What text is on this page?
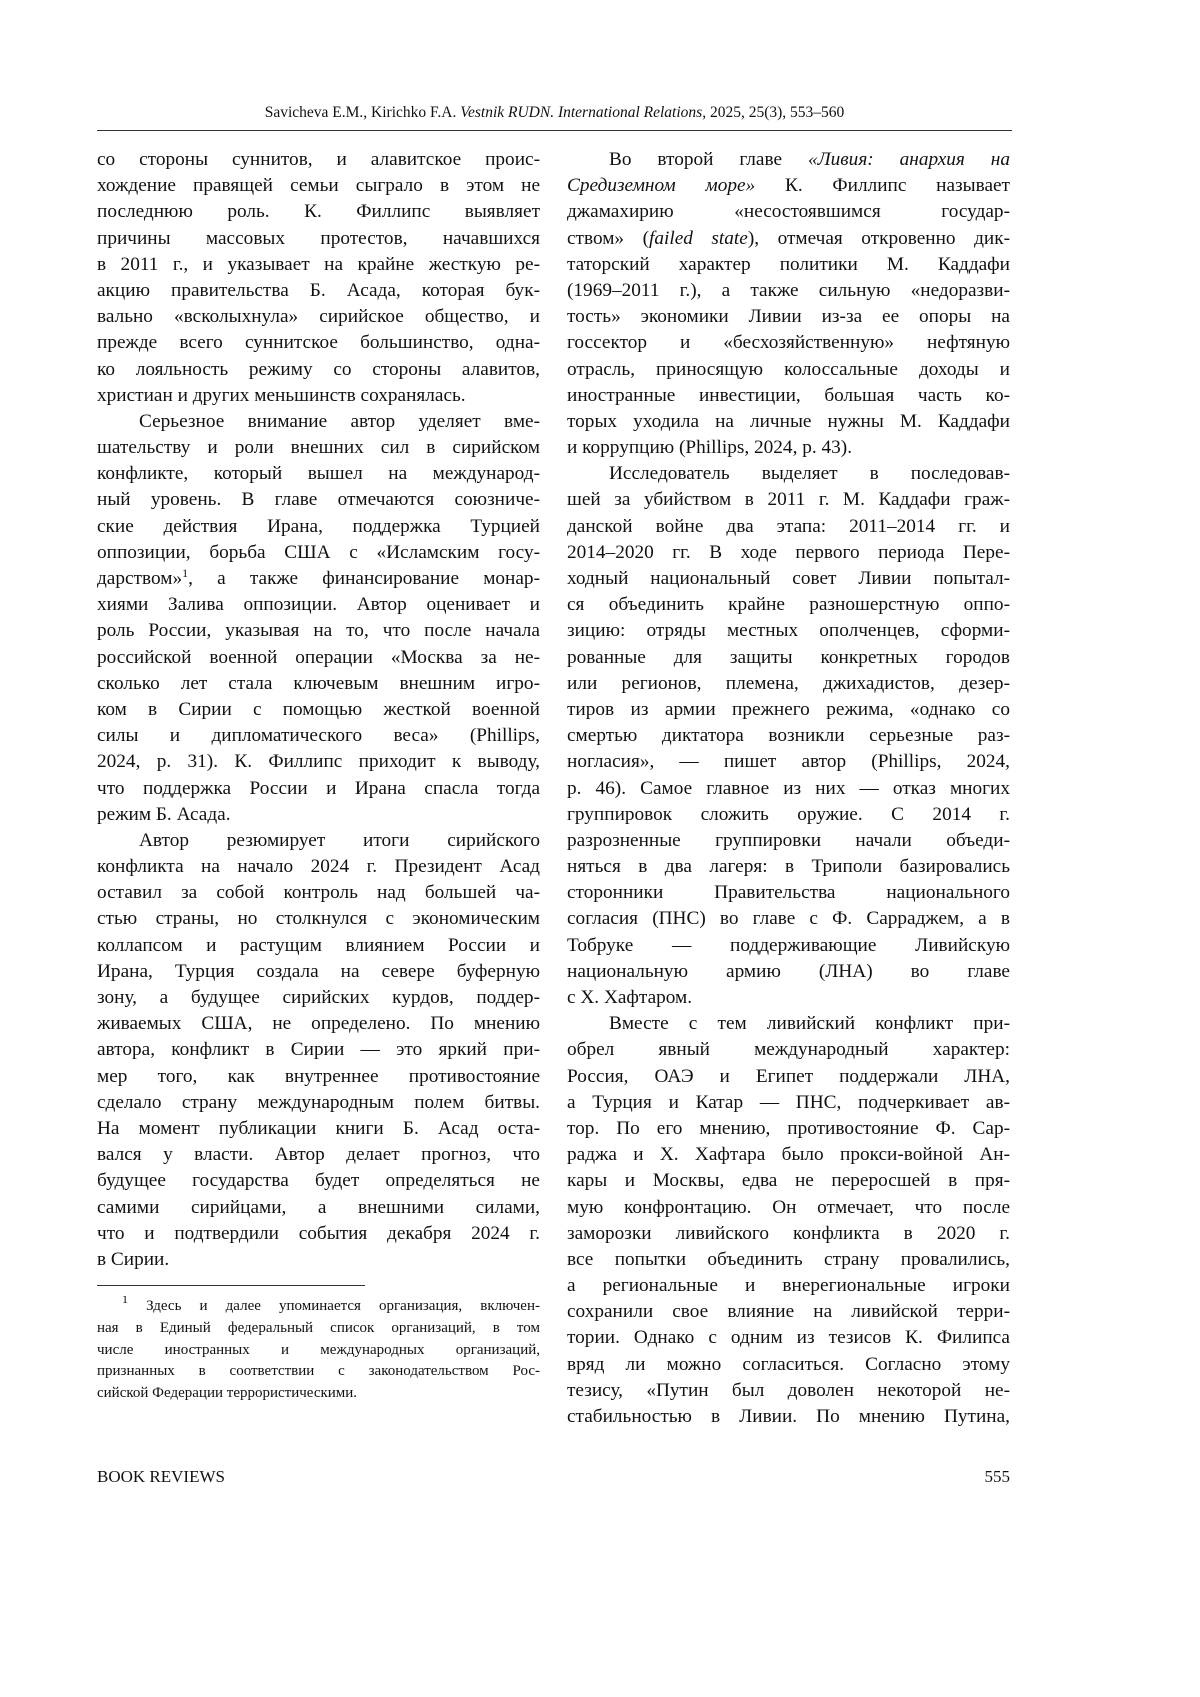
Savicheva E.M., Kirichko F.A. Vestnik RUDN. International Relations, 2025, 25(3), 553–560
со стороны суннитов, и алавитское проис-
хождение правящей семьи сыграло в этом не
последнюю роль. К. Филлипс выявляет
причины массовых протестов, начавшихся
в 2011 г., и указывает на крайне жесткую ре-
акцию правительства Б. Асада, которая бук-
вально «всколыхнула» сирийское общество, и
прежде всего суннитское большинство, одна-
ко лояльность режиму со стороны алавитов,
христиан и других меньшинств сохранялась.
Серьезное внимание автор уделяет вме-
шательству и роли внешних сил в сирийском
конфликте, который вышел на международ-
ный уровень. В главе отмечаются союзниче-
ские действия Ирана, поддержка Турцией
оппозиции, борьба США с «Исламским госу-
дарством»1, а также финансирование монар-
хиями Залива оппозиции. Автор оценивает и
роль России, указывая на то, что после начала
российской военной операции «Москва за не-
сколько лет стала ключевым внешним игро-
ком в Сирии с помощью жесткой военной
силы и дипломатического веса» (Phillips,
2024, p. 31). К. Филлипс приходит к выводу,
что поддержка России и Ирана спасла тогда
режим Б. Асада.
Автор резюмирует итоги сирийского
конфликта на начало 2024 г. Президент Асад
оставил за собой контроль над большей ча-
стью страны, но столкнулся с экономическим
коллапсом и растущим влиянием России и
Ирана, Турция создала на севере буферную
зону, а будущее сирийских курдов, поддер-
живаемых США, не определено. По мнению
автора, конфликт в Сирии — это яркий при-
мер того, как внутреннее противостояние
сделало страну международным полем битвы.
На момент публикации книги Б. Асад оста-
вался у власти. Автор делает прогноз, что
будущее государства будет определяться не
самими сирийцами, а внешними силами,
что и подтвердили события декабря 2024 г.
в Сирии.
Во второй главе «Ливия: анархия на
Средиземном море» К. Филлипс называет
джамахирию «несостоявшимся государ-
ством» (failed state), отмечая откровенно дик-
таторский характер политики М. Каддафи
(1969–2011 г.), а также сильную «недоразви-
тость» экономики Ливии из-за ее опоры на
госсектор и «бесхозяйственную» нефтяную
отрасль, приносящую колоссальные доходы и
иностранные инвестиции, большая часть ко-
торых уходила на личные нужны М. Каддафи
и коррупцию (Phillips, 2024, p. 43).
Исследователь выделяет в последовав-
шей за убийством в 2011 г. М. Каддафи граж-
данской войне два этапа: 2011–2014 гг. и
2014–2020 гг. В ходе первого периода Пере-
ходный национальный совет Ливии попытал-
ся объединить крайне разношерстную оппо-
зицию: отряды местных ополченцев, сформи-
рованные для защиты конкретных городов
или регионов, племена, джихадистов, дезер-
тиров из армии прежнего режима, «однако со
смертью диктатора возникли серьезные раз-
ногласия», — пишет автор (Phillips, 2024,
p. 46). Самое главное из них — отказ многих
группировок сложить оружие. С 2014 г.
разрозненные группировки начали объеди-
няться в два лагеря: в Триполи базировались
сторонники Правительства национального
согласия (ПНС) во главе с Ф. Сарраджем, а в
Тобруке — поддерживающие Ливийскую
национальную армию (ЛНА) во главе
с Х. Хафтаром.
Вместе с тем ливийский конфликт при-
обрел явный международный характер:
Россия, ОАЭ и Египет поддержали ЛНА,
а Турция и Катар — ПНС, подчеркивает ав-
тор. По его мнению, противостояние Ф. Сар-
раджа и Х. Хафтара было прокси-войной Ан-
кары и Москвы, едва не переросшей в пря-
мую конфронтацию. Он отмечает, что после
заморозки ливийского конфликта в 2020 г.
все попытки объединить страну провалились,
а региональные и внерегиональные игроки
сохранили свое влияние на ливийской терри-
тории. Однако с одним из тезисов К. Филипса
вряд ли можно согласиться. Согласно этому
тезису, «Путин был доволен некоторой не-
стабильностью в Ливии. По мнению Путина,
1 Здесь и далее упоминается организация, включен-
ная в Единый федеральный список организаций, в том
числе иностранных и международных организаций,
признанных в соответствии с законодательством Рос-
сийской Федерации террористическими.
BOOK REVIEWS	555
